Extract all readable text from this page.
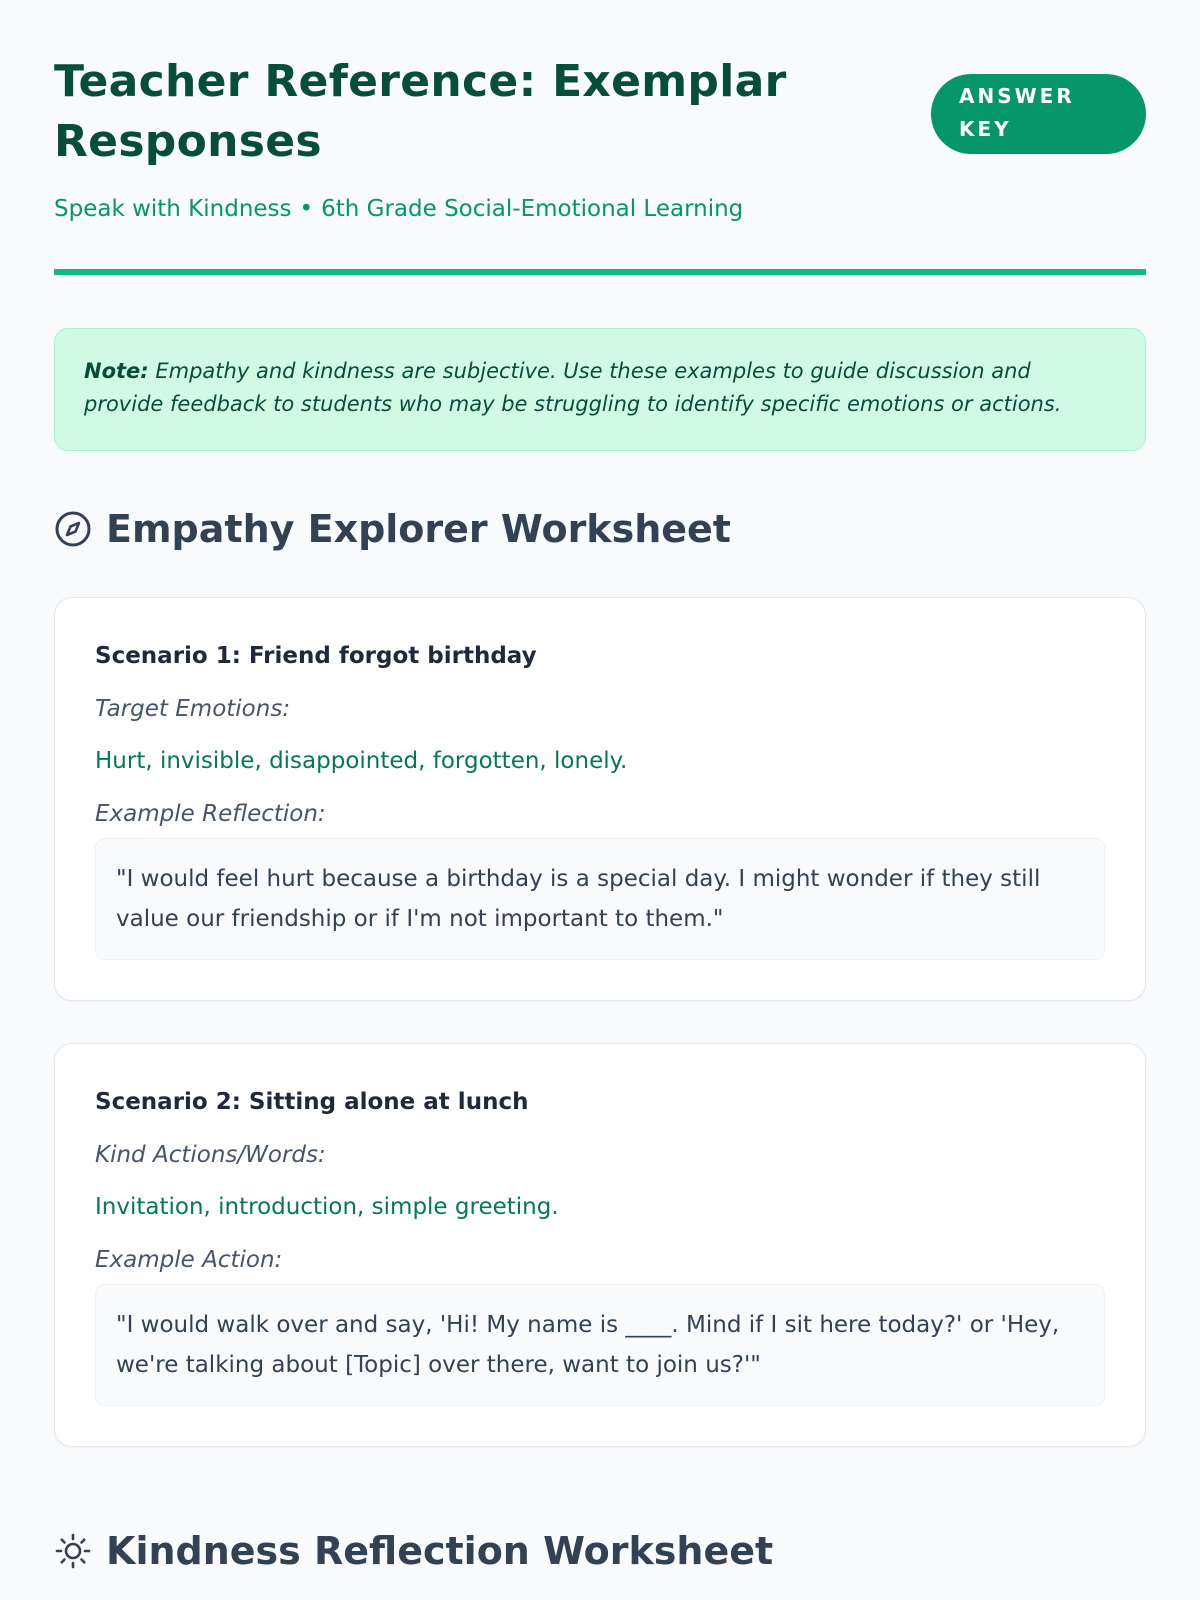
Teacher Reference: Exemplar Responses
ANSWER KEY
Speak with Kindness • 6th Grade Social-Emotional Learning
Note: Empathy and kindness are subjective. Use these examples to guide discussion and provide feedback to students who may be struggling to identify specific emotions or actions.
Empathy Explorer Worksheet
Scenario 1: Friend forgot birthday
Target Emotions:
Hurt, invisible, disappointed, forgotten, lonely.
Example Reflection:
"I would feel hurt because a birthday is a special day. I might wonder if they still value our friendship or if I'm not important to them."
Scenario 2: Sitting alone at lunch
Kind Actions/Words:
Invitation, introduction, simple greeting.
Example Action:
"I would walk over and say, 'Hi! My name is ____. Mind if I sit here today?' or 'Hey, we're talking about [Topic] over there, want to join us?'"
Kindness Reflection Worksheet
